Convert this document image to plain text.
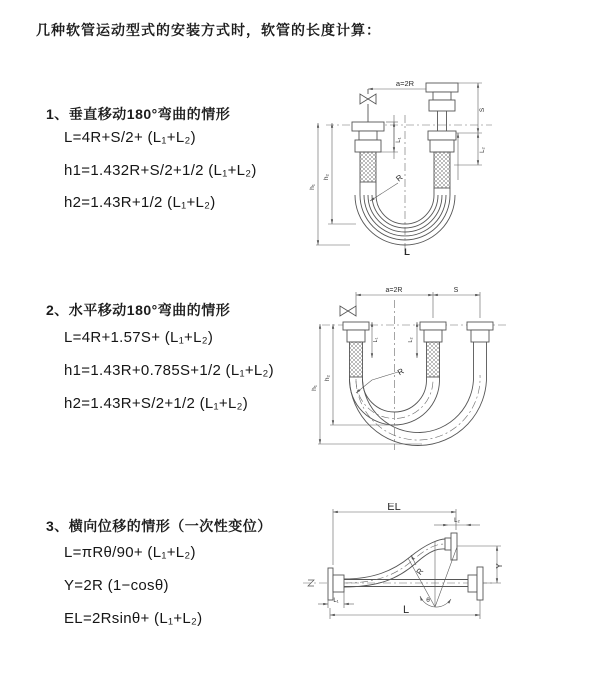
几种软管运动型式的安装方式时，软管的长度计算：
1、垂直移动180°弯曲的情形
L=4R+S/2+ (L₁+L₂)
h1=1.432R+S/2+1/2 (L₁+L₂)
h2=1.43R+1/2 (L₁+L₂)
2、水平移动180°弯曲的情形
L=4R+1.57S+ (L₁+L₂)
h1=1.43R+0.785S+1/2 (L₁+L₂)
h2=1.43R+S/2+1/2 (L₁+L₂)
3、横向位移的情形（一次性变位）
L=πRθ/90+ (L₁+L₂)
Y=2R (1−cosθ)
EL=2Rsinθ+ (L₁+L₂)
a=2R
L₁
S
L₂
R
h₁
h₂
L
a=2R	S
L₁	L₂
R
h₁
h₂
EL
L₂
R
θ
Y
L₁
L
